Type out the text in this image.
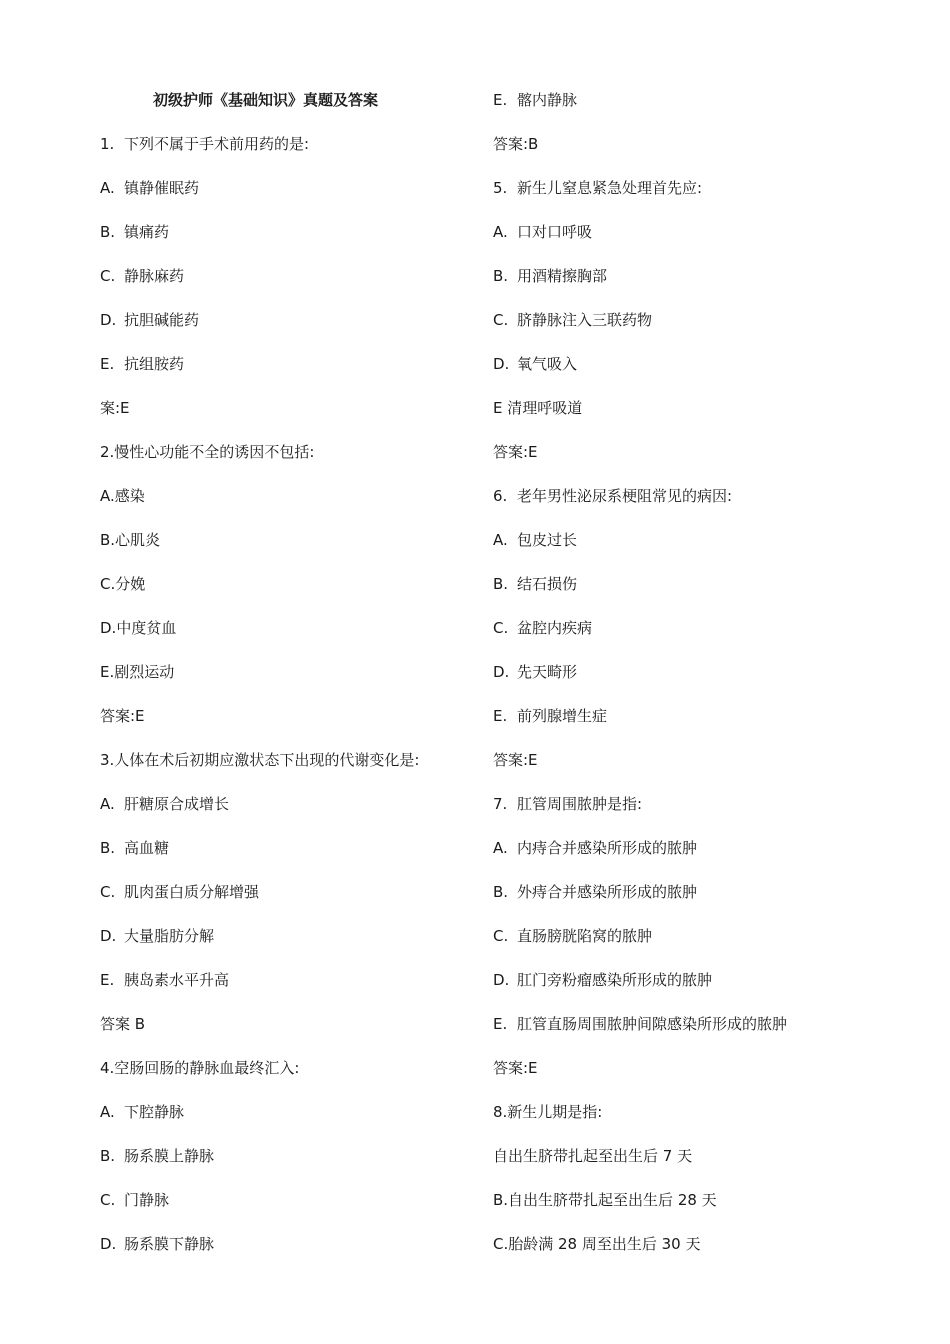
初级护师《基础知识》真题及答案
1. 下列不属于手术前用药的是:
A. 镇静催眠药
B. 镇痛药
C. 静脉麻药
D. 抗胆碱能药
E. 抗组胺药
案:E
2.慢性心功能不全的诱因不包括:
A.感染
B.心肌炎
C.分娩
D.中度贫血
E.剧烈运动
答案:E
3.人体在术后初期应激状态下出现的代谢变化是:
A. 肝糖原合成增长
B. 高血糖
C. 肌肉蛋白质分解增强
D. 大量脂肪分解
E. 胰岛素水平升高
答案 B
4.空肠回肠的静脉血最终汇入:
A. 下腔静脉
B. 肠系膜上静脉
C. 门静脉
D. 肠系膜下静脉
E. 髂内静脉
答案:B
5. 新生儿窒息紧急处理首先应:
A. 口对口呼吸
B. 用酒精擦胸部
C. 脐静脉注入三联药物
D. 氧气吸入
E 清理呼吸道
答案:E
6. 老年男性泌尿系梗阻常见的病因:
A. 包皮过长
B. 结石损伤
C. 盆腔内疾病
D. 先天畸形
E. 前列腺增生症
答案:E
7. 肛管周围脓肿是指:
A. 内痔合并感染所形成的脓肿
B. 外痔合并感染所形成的脓肿
C. 直肠膀胱陷窝的脓肿
D. 肛门旁粉瘤感染所形成的脓肿
E. 肛管直肠周围脓肿间隙感染所形成的脓肿
答案:E
8.新生儿期是指:
自出生脐带扎起至出生后 7 天
B.自出生脐带扎起至出生后 28 天
C.胎龄满 28 周至出生后 30 天
